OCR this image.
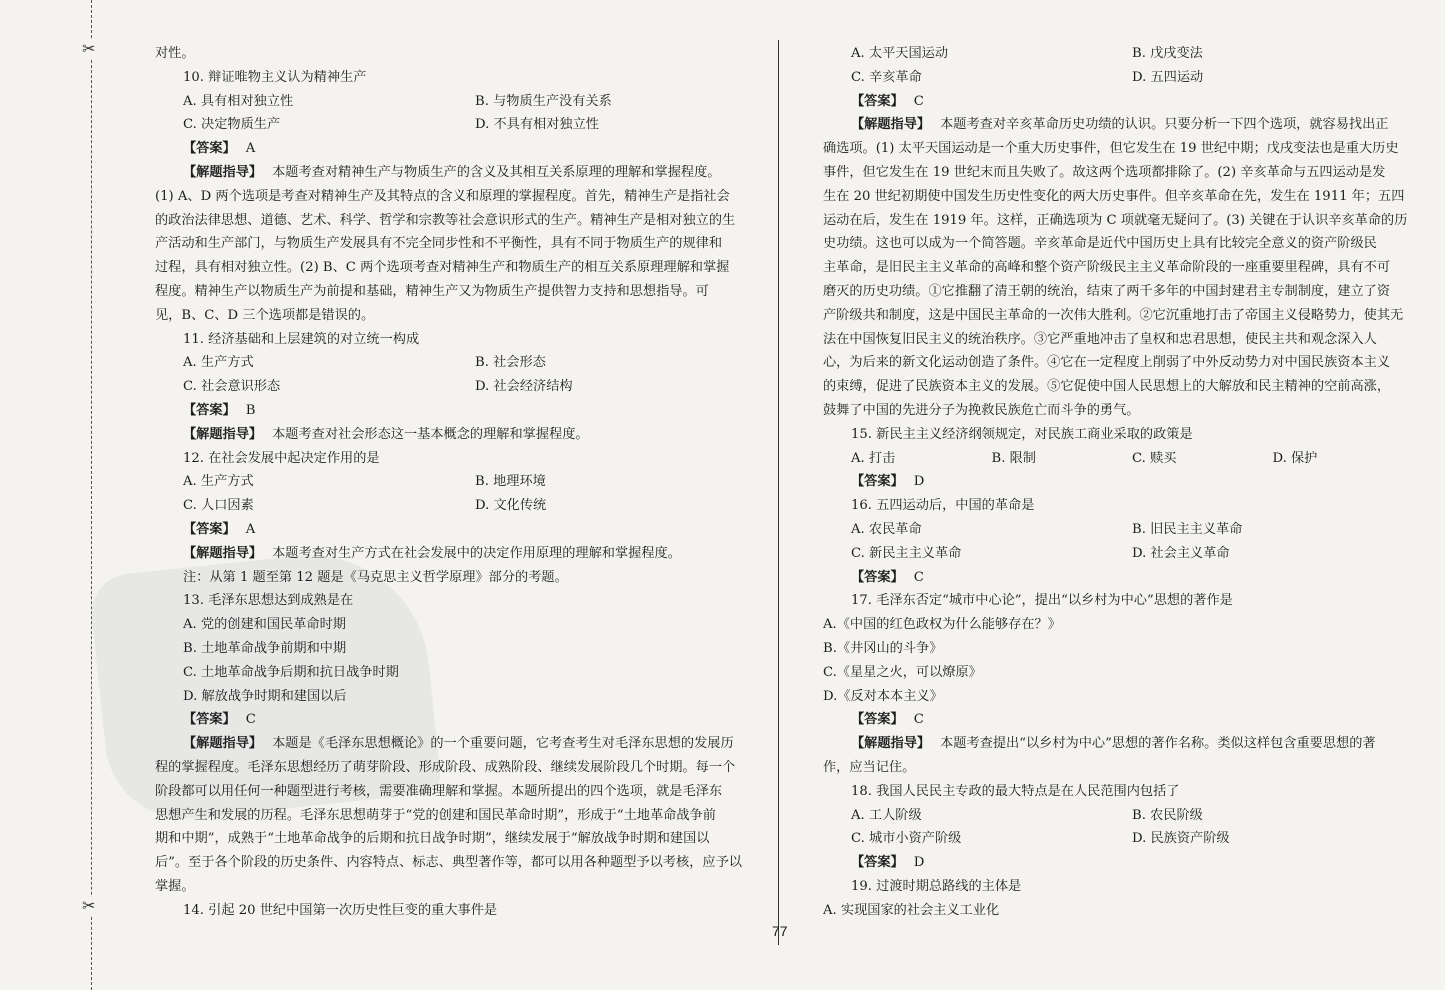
✂
✂
对性。
10. 辩证唯物主义认为精神生产
A. 具有相对独立性	B. 与物质生产没有关系
C. 决定物质生产	D. 不具有相对独立性
【答案】 A
【解题指导】 本题考查对精神生产与物质生产的含义及其相互关系原理的理解和掌握程度。
(1) A、D 两个选项是考查对精神生产及其特点的含义和原理的掌握程度。首先，精神生产是指社会
的政治法律思想、道德、艺术、科学、哲学和宗教等社会意识形式的生产。精神生产是相对独立的生
产活动和生产部门，与物质生产发展具有不完全同步性和不平衡性，具有不同于物质生产的规律和
过程，具有相对独立性。(2) B、C 两个选项考查对精神生产和物质生产的相互关系原理理解和掌握
程度。精神生产以物质生产为前提和基础，精神生产又为物质生产提供智力支持和思想指导。可
见，B、C、D 三个选项都是错误的。
11. 经济基础和上层建筑的对立统一构成
A. 生产方式	B. 社会形态
C. 社会意识形态	D. 社会经济结构
【答案】 B
【解题指导】 本题考查对社会形态这一基本概念的理解和掌握程度。
12. 在社会发展中起决定作用的是
A. 生产方式	B. 地理环境
C. 人口因素	D. 文化传统
【答案】 A
【解题指导】 本题考查对生产方式在社会发展中的决定作用原理的理解和掌握程度。
注：从第 1 题至第 12 题是《马克思主义哲学原理》部分的考题。
13. 毛泽东思想达到成熟是在
A. 党的创建和国民革命时期
B. 土地革命战争前期和中期
C. 土地革命战争后期和抗日战争时期
D. 解放战争时期和建国以后
【答案】 C
【解题指导】 本题是《毛泽东思想概论》的一个重要问题，它考查考生对毛泽东思想的发展历
程的掌握程度。毛泽东思想经历了萌芽阶段、形成阶段、成熟阶段、继续发展阶段几个时期。每一个
阶段都可以用任何一种题型进行考核，需要准确理解和掌握。本题所提出的四个选项，就是毛泽东
思想产生和发展的历程。毛泽东思想萌芽于“党的创建和国民革命时期”，形成于“土地革命战争前
期和中期”，成熟于“土地革命战争的后期和抗日战争时期”，继续发展于“解放战争时期和建国以
后”。至于各个阶段的历史条件、内容特点、标志、典型著作等，都可以用各种题型予以考核，应予以
掌握。
14. 引起 20 世纪中国第一次历史性巨变的重大事件是
A. 太平天国运动	B. 戊戌变法
C. 辛亥革命	D. 五四运动
【答案】 C
【解题指导】 本题考查对辛亥革命历史功绩的认识。只要分析一下四个选项，就容易找出正
确选项。(1) 太平天国运动是一个重大历史事件，但它发生在 19 世纪中期；戊戌变法也是重大历史
事件，但它发生在 19 世纪末而且失败了。故这两个选项都排除了。(2) 辛亥革命与五四运动是发
生在 20 世纪初期使中国发生历史性变化的两大历史事件。但辛亥革命在先，发生在 1911 年；五四
运动在后，发生在 1919 年。这样，正确选项为 C 项就毫无疑问了。(3) 关键在于认识辛亥革命的历
史功绩。这也可以成为一个简答题。辛亥革命是近代中国历史上具有比较完全意义的资产阶级民
主革命，是旧民主主义革命的高峰和整个资产阶级民主主义革命阶段的一座重要里程碑，具有不可
磨灭的历史功绩。①它推翻了清王朝的统治，结束了两千多年的中国封建君主专制制度，建立了资
产阶级共和制度，这是中国民主革命的一次伟大胜利。②它沉重地打击了帝国主义侵略势力，使其无
法在中国恢复旧民主义的统治秩序。③它严重地冲击了皇权和忠君思想，使民主共和观念深入人
心，为后来的新文化运动创造了条件。④它在一定程度上削弱了中外反动势力对中国民族资本主义
的束缚，促进了民族资本主义的发展。⑤它促使中国人民思想上的大解放和民主精神的空前高涨，
鼓舞了中国的先进分子为挽救民族危亡而斗争的勇气。
15. 新民主主义经济纲领规定，对民族工商业采取的政策是
A. 打击	B. 限制	C. 赎买	D. 保护
【答案】 D
16. 五四运动后，中国的革命是
A. 农民革命	B. 旧民主主义革命
C. 新民主主义革命	D. 社会主义革命
【答案】 C
17. 毛泽东否定“城市中心论”，提出“以乡村为中心”思想的著作是
A.《中国的红色政权为什么能够存在？》
B.《井冈山的斗争》
C.《星星之火，可以燎原》
D.《反对本本主义》
【答案】 C
【解题指导】 本题考查提出“以乡村为中心”思想的著作名称。类似这样包含重要思想的著
作，应当记住。
18. 我国人民民主专政的最大特点是在人民范围内包括了
A. 工人阶级	B. 农民阶级
C. 城市小资产阶级	D. 民族资产阶级
【答案】 D
19. 过渡时期总路线的主体是
A. 实现国家的社会主义工业化
77
